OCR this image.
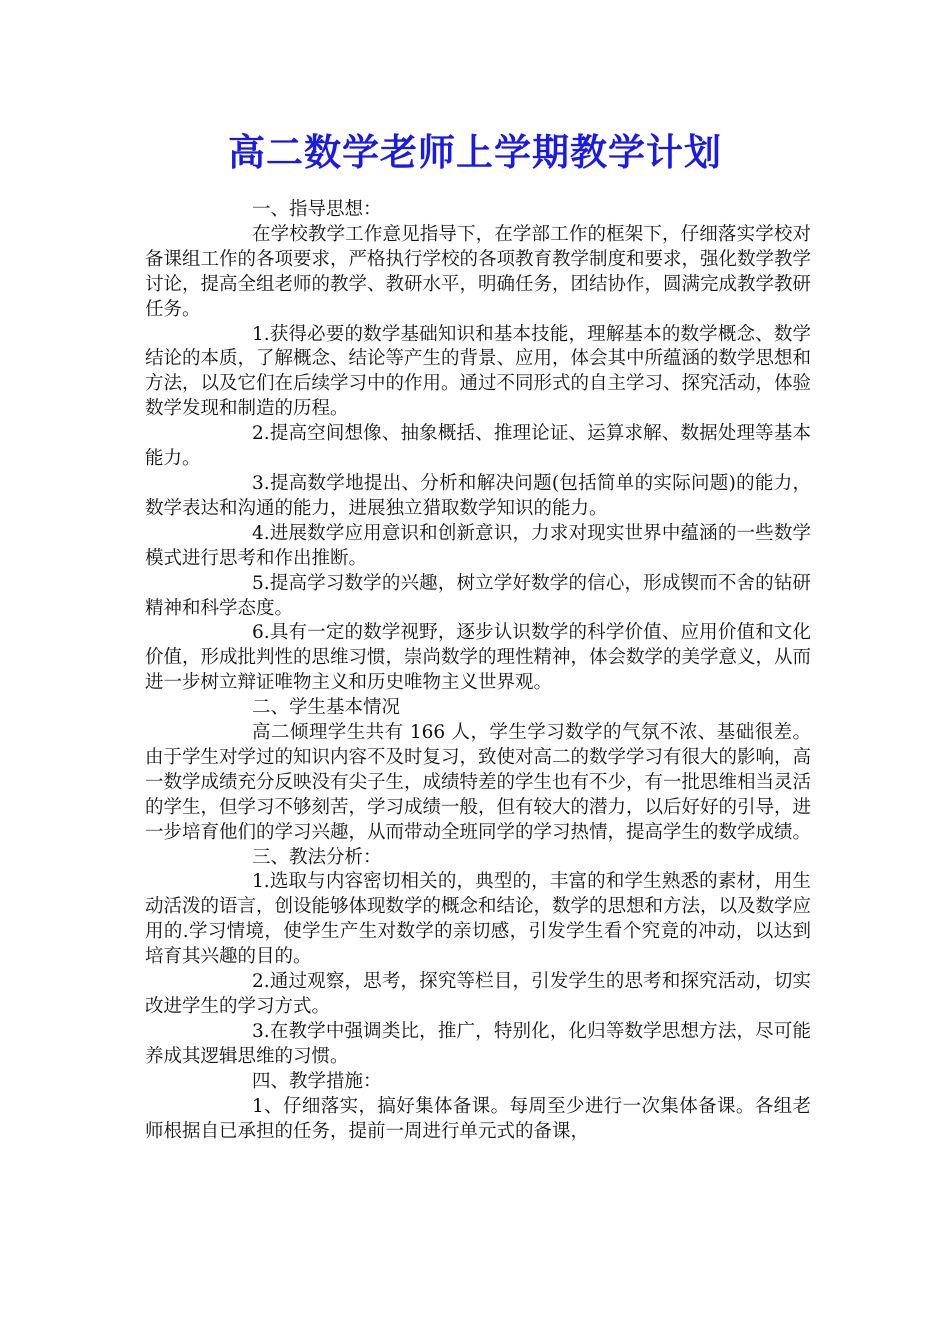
高二数学老师上学期教学计划

一、指导思想：

在学校教学工作意见指导下，在学部工作的框架下，仔细落实学校对备课组工作的各项要求，严格执行学校的各项教育教学制度和要求，强化数学教学讨论，提高全组老师的教学、教研水平，明确任务，团结协作，圆满完成教学教研任务。

1.获得必要的数学基础知识和基本技能，理解基本的数学概念、数学结论的本质，了解概念、结论等产生的背景、应用，体会其中所蕴涵的数学思想和方法，以及它们在后续学习中的作用。通过不同形式的自主学习、探究活动，体验数学发现和制造的历程。

2.提高空间想像、抽象概括、推理论证、运算求解、数据处理等基本能力。

3.提高数学地提出、分析和解决问题(包括简单的实际问题)的能力，数学表达和沟通的能力，进展独立猎取数学知识的能力。

4.进展数学应用意识和创新意识，力求对现实世界中蕴涵的一些数学模式进行思考和作出推断。

5.提高学习数学的兴趣，树立学好数学的信心，形成锲而不舍的钻研精神和科学态度。

6.具有一定的数学视野，逐步认识数学的科学价值、应用价值和文化价值，形成批判性的思维习惯，崇尚数学的理性精神，体会数学的美学意义，从而进一步树立辩证唯物主义和历史唯物主义世界观。

二、学生基本情况

高二倾理学生共有 166 人，学生学习数学的气氛不浓、基础很差。由于学生对学过的知识内容不及时复习，致使对高二的数学学习有很大的影响，高一数学成绩充分反映没有尖子生，成绩特差的学生也有不少，有一批思维相当灵活的学生，但学习不够刻苦，学习成绩一般，但有较大的潜力，以后好好的引导，进一步培育他们的学习兴趣，从而带动全班同学的学习热情，提高学生的数学成绩。

三、教法分析：

1.选取与内容密切相关的，典型的，丰富的和学生熟悉的素材，用生动活泼的语言，创设能够体现数学的概念和结论，数学的思想和方法，以及数学应用的.学习情境，使学生产生对数学的亲切感，引发学生看个究竟的冲动，以达到培育其兴趣的目的。

2.通过观察，思考，探究等栏目，引发学生的思考和探究活动，切实改进学生的学习方式。

3.在教学中强调类比，推广，特别化，化归等数学思想方法，尽可能养成其逻辑思维的习惯。

四、教学措施：

1、仔细落实，搞好集体备课。每周至少进行一次集体备课。各组老师根据自已承担的任务，提前一周进行单元式的备课，
